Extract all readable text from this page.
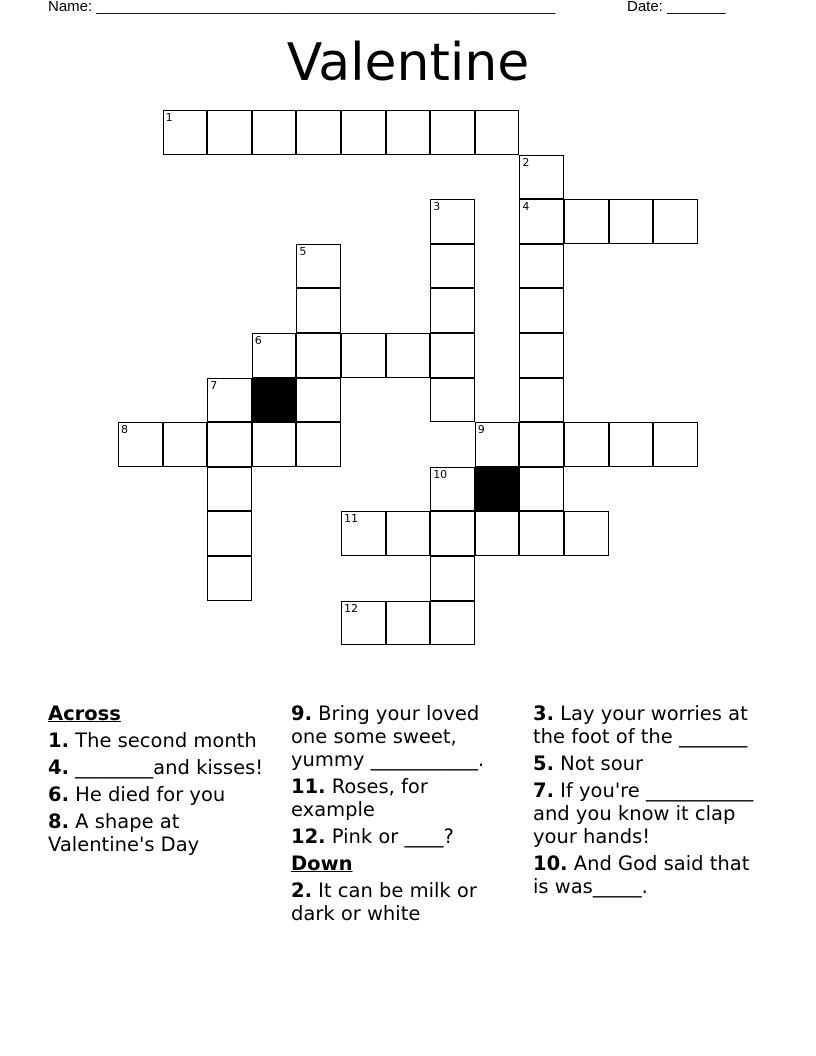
Name: _______________________________________________________	Date: _______
Valentine
1
2
3	4
5
6
7
8	9
10
11
12
Across
1. The second month
4. ________and kisses!
6. He died for you
8. A shape at Valentine's Day
9. Bring your loved one some sweet, yummy ___________.
11. Roses, for example
12. Pink or ____?
Down
2. It can be milk or dark or white
3. Lay your worries at the foot of the _______
5. Not sour
7. If you're ___________ and you know it clap your hands!
10. And God said that is was_____.
